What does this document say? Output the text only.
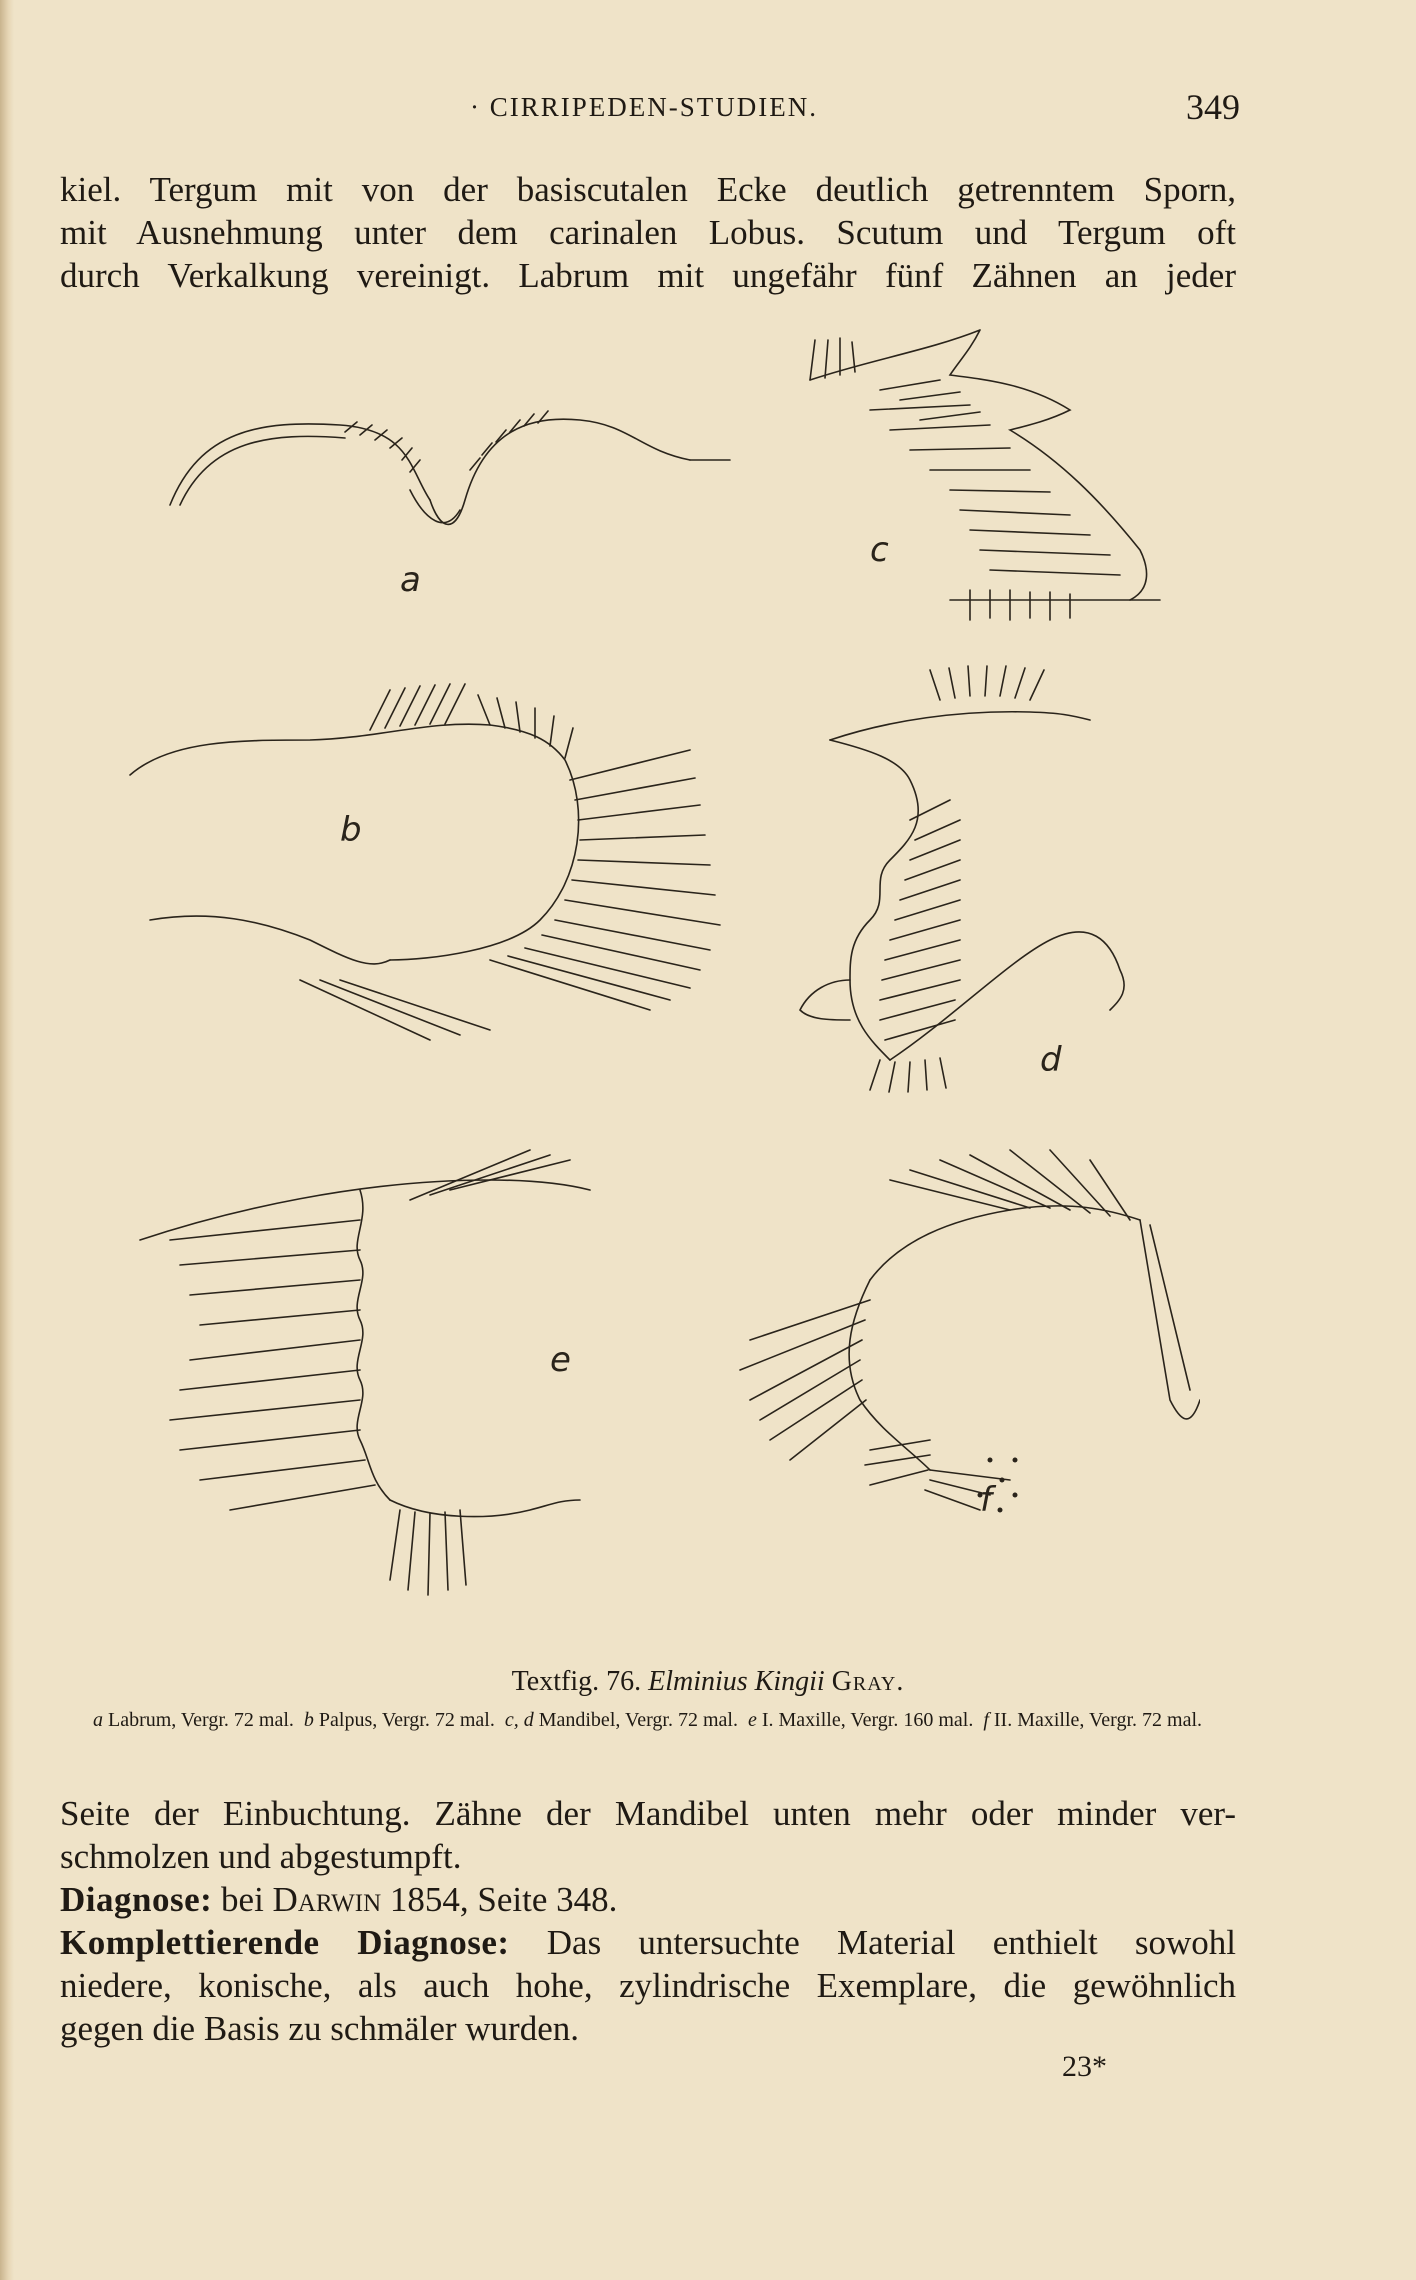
· CIRRIPEDEN-STUDIEN.	349
kiel. Tergum mit von der basiscutalen Ecke deutlich getrenntem Sporn,
mit Ausnehmung unter dem carinalen Lobus. Scutum und Tergum oft
durch Verkalkung vereinigt. Labrum mit ungefähr fünf Zähnen an jeder
a
c
b
d
e
f
Textfig. 76. Elminius Kingii Gray.
a Labrum, Vergr. 72 mal. b Palpus, Vergr. 72 mal. c, d Mandibel, Vergr. 72 mal. e I. Maxille, Vergr. 160 mal. f II. Maxille, Vergr. 72 mal.
Seite der Einbuchtung. Zähne der Mandibel unten mehr oder minder ver-
schmolzen und abgestumpft.
Diagnose: bei Darwin 1854, Seite 348.
Komplettierende Diagnose: Das untersuchte Material enthielt sowohl
niedere, konische, als auch hohe, zylindrische Exemplare, die gewöhnlich
gegen die Basis zu schmäler wurden.
23*
